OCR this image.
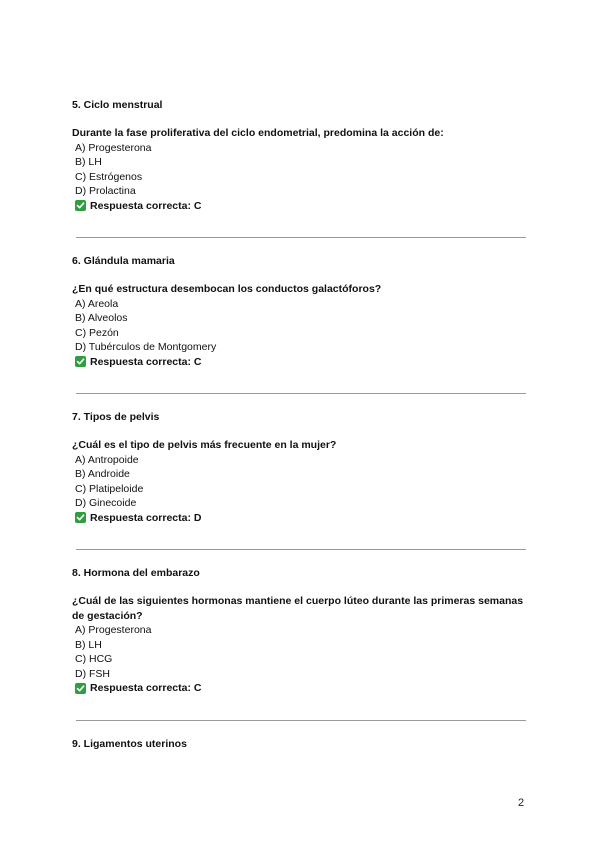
5. Ciclo menstrual

Durante la fase proliferativa del ciclo endometrial, predomina la acción de:

A) Progesterona
B) LH
C) Estrógenos
D) Prolactina
Respuesta correcta: C

6. Glándula mamaria

¿En qué estructura desembocan los conductos galactóforos?

A) Areola
B) Alveolos
C) Pezón
D) Tubérculos de Montgomery
Respuesta correcta: C

7. Tipos de pelvis

¿Cuál es el tipo de pelvis más frecuente en la mujer?

A) Antropoide
B) Androide
C) Platipeloide
D) Ginecoide
Respuesta correcta: D

8. Hormona del embarazo

¿Cuál de las siguientes hormonas mantiene el cuerpo lúteo durante las primeras semanas de gestación?

A) Progesterona
B) LH
C) HCG
D) FSH
Respuesta correcta: C

9. Ligamentos uterinos

2
